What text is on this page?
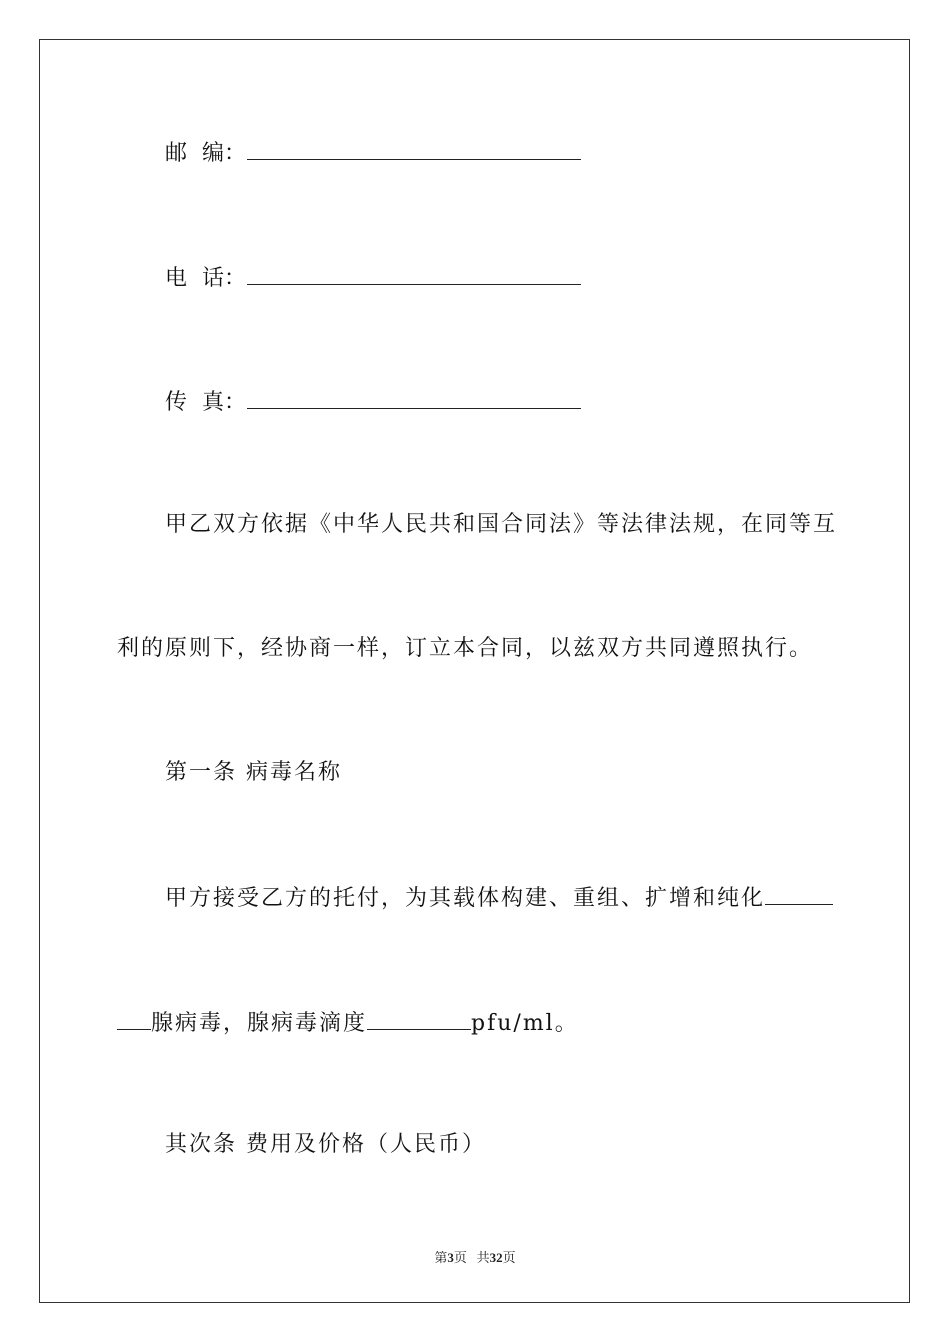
邮 编：
电 话：
传 真：
甲乙双方依据《中华人民共和国合同法》等法律法规，在同等互
利的原则下，经协商一样，订立本合同，以兹双方共同遵照执行。
第一条 病毒名称
甲方接受乙方的托付，为其载体构建、重组、扩增和纯化
腺病毒，腺病毒滴度	pfu/ml。
其次条 费用及价格（人民币）
第3页 共32页
